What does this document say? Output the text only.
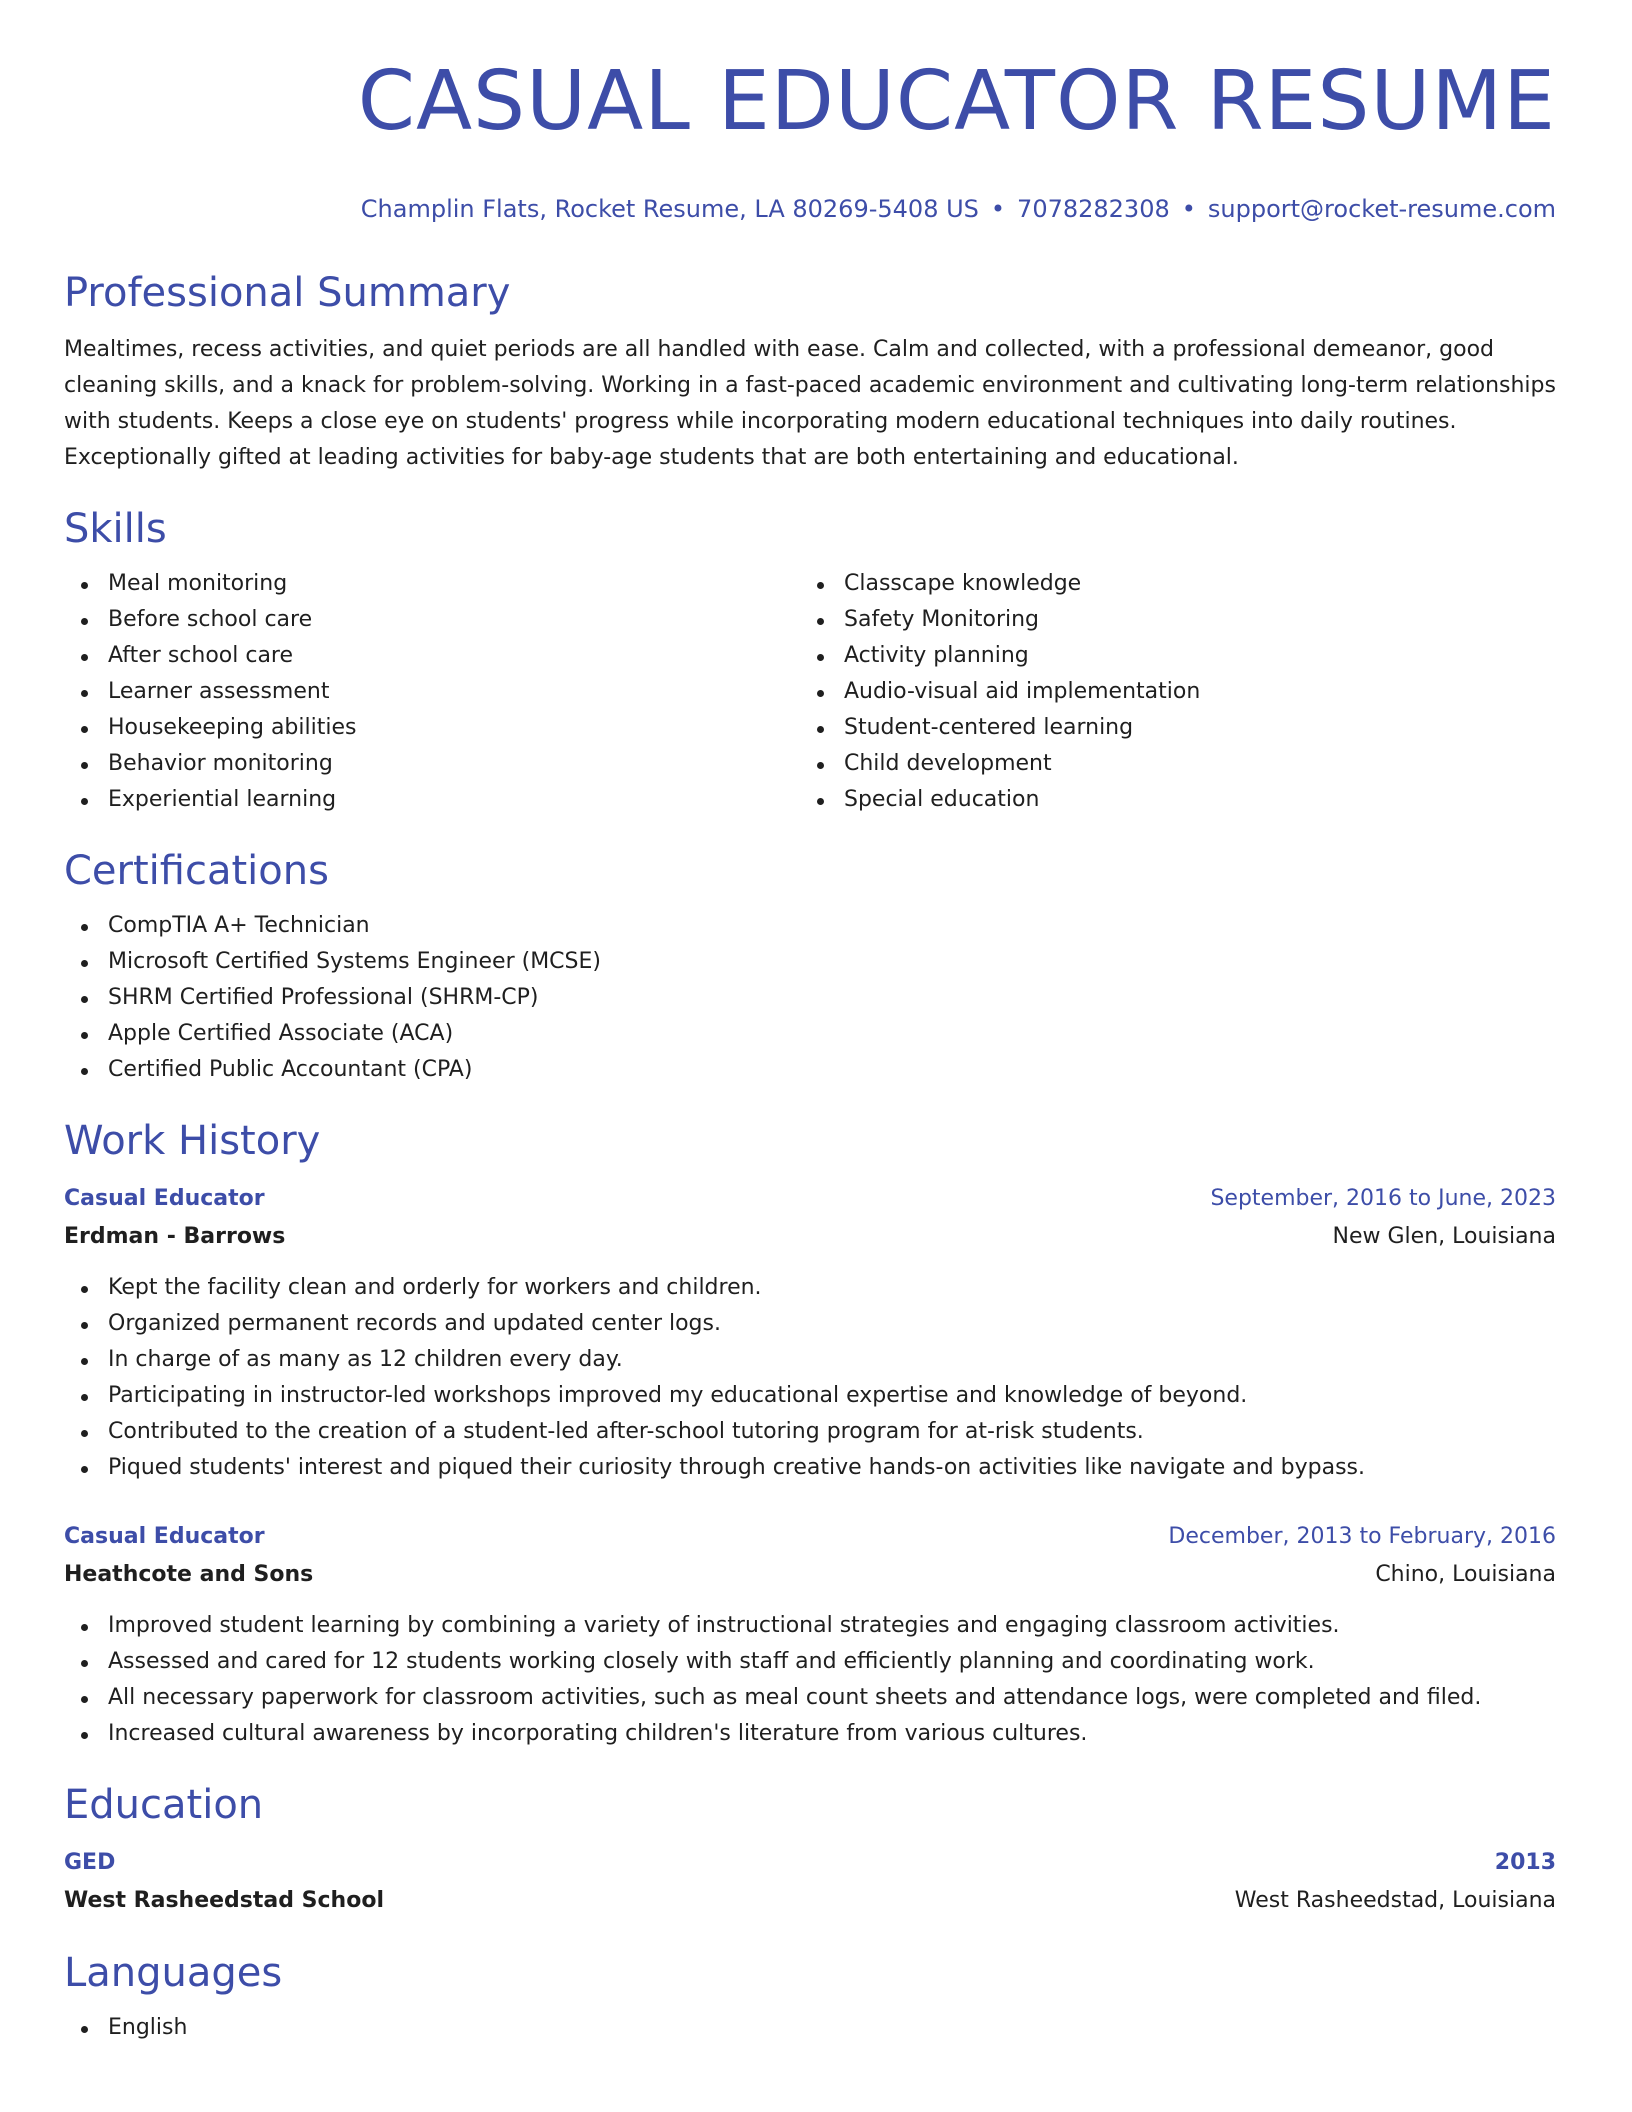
CASUAL EDUCATOR RESUME
Champlin Flats, Rocket Resume, LA 80269-5408 US • 7078282308 • support@rocket-resume.com
Professional Summary

Mealtimes, recess activities, and quiet periods are all handled with ease. Calm and collected, with a professional demeanor, good cleaning skills, and a knack for problem-solving. Working in a fast-paced academic environment and cultivating long-term relationships with students. Keeps a close eye on students' progress while incorporating modern educational techniques into daily routines. Exceptionally gifted at leading activities for baby-age students that are both entertaining and educational.

Skills
Meal monitoring
Before school care
After school care
Learner assessment
Housekeeping abilities
Behavior monitoring
Experiential learning
Classcape knowledge
Safety Monitoring
Activity planning
Audio-visual aid implementation
Student-centered learning
Child development
Special education
Certifications
CompTIA A+ Technician
Microsoft Certified Systems Engineer (MCSE)
SHRM Certified Professional (SHRM-CP)
Apple Certified Associate (ACA)
Certified Public Accountant (CPA)
Work History
Casual Educator	September, 2016 to June, 2023
Erdman - Barrows	New Glen, Louisiana
Kept the facility clean and orderly for workers and children.
Organized permanent records and updated center logs.
In charge of as many as 12 children every day.
Participating in instructor-led workshops improved my educational expertise and knowledge of beyond.
Contributed to the creation of a student-led after-school tutoring program for at-risk students.
Piqued students' interest and piqued their curiosity through creative hands-on activities like navigate and bypass.
Casual Educator	December, 2013 to February, 2016
Heathcote and Sons	Chino, Louisiana
Improved student learning by combining a variety of instructional strategies and engaging classroom activities.
Assessed and cared for 12 students working closely with staff and efficiently planning and coordinating work.
All necessary paperwork for classroom activities, such as meal count sheets and attendance logs, were completed and filed.
Increased cultural awareness by incorporating children's literature from various cultures.
Education
GED	2013
West Rasheedstad School	West Rasheedstad, Louisiana
Languages
English
